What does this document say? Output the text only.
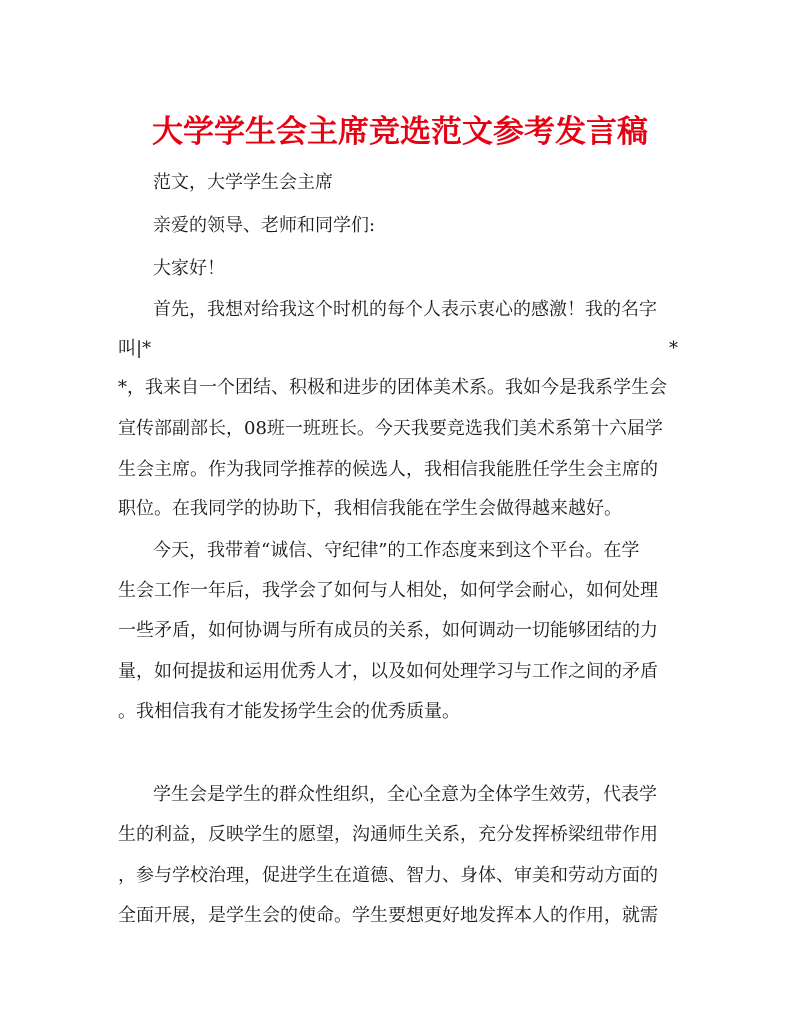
大学学生会主席竞选范文参考发言稿
范文，大学学生会主席
亲爱的领导、老师和同学们:
大家好！
首先，我想对给我这个时机的每个人表示衷心的感激！我的名字
叫|*	*
*，我来自一个团结、积极和进步的团体美术系。我如今是我系学生会
宣传部副部长，08班一班班长。今天我要竞选我们美术系第十六届学
生会主席。作为我同学推荐的候选人，我相信我能胜任学生会主席的
职位。在我同学的协助下，我相信我能在学生会做得越来越好。
今天，我带着“诚信、守纪律”的工作态度来到这个平台。在学
生会工作一年后，我学会了如何与人相处，如何学会耐心，如何处理
一些矛盾，如何协调与所有成员的关系，如何调动一切能够团结的力
量，如何提拔和运用优秀人才，以及如何处理学习与工作之间的矛盾
。我相信我有才能发扬学生会的优秀质量。
学生会是学生的群众性组织，全心全意为全体学生效劳，代表学
生的利益，反映学生的愿望，沟通师生关系，充分发挥桥梁纽带作用
，参与学校治理，促进学生在道德、智力、身体、审美和劳动方面的
全面开展，是学生会的使命。学生要想更好地发挥本人的作用，就需
